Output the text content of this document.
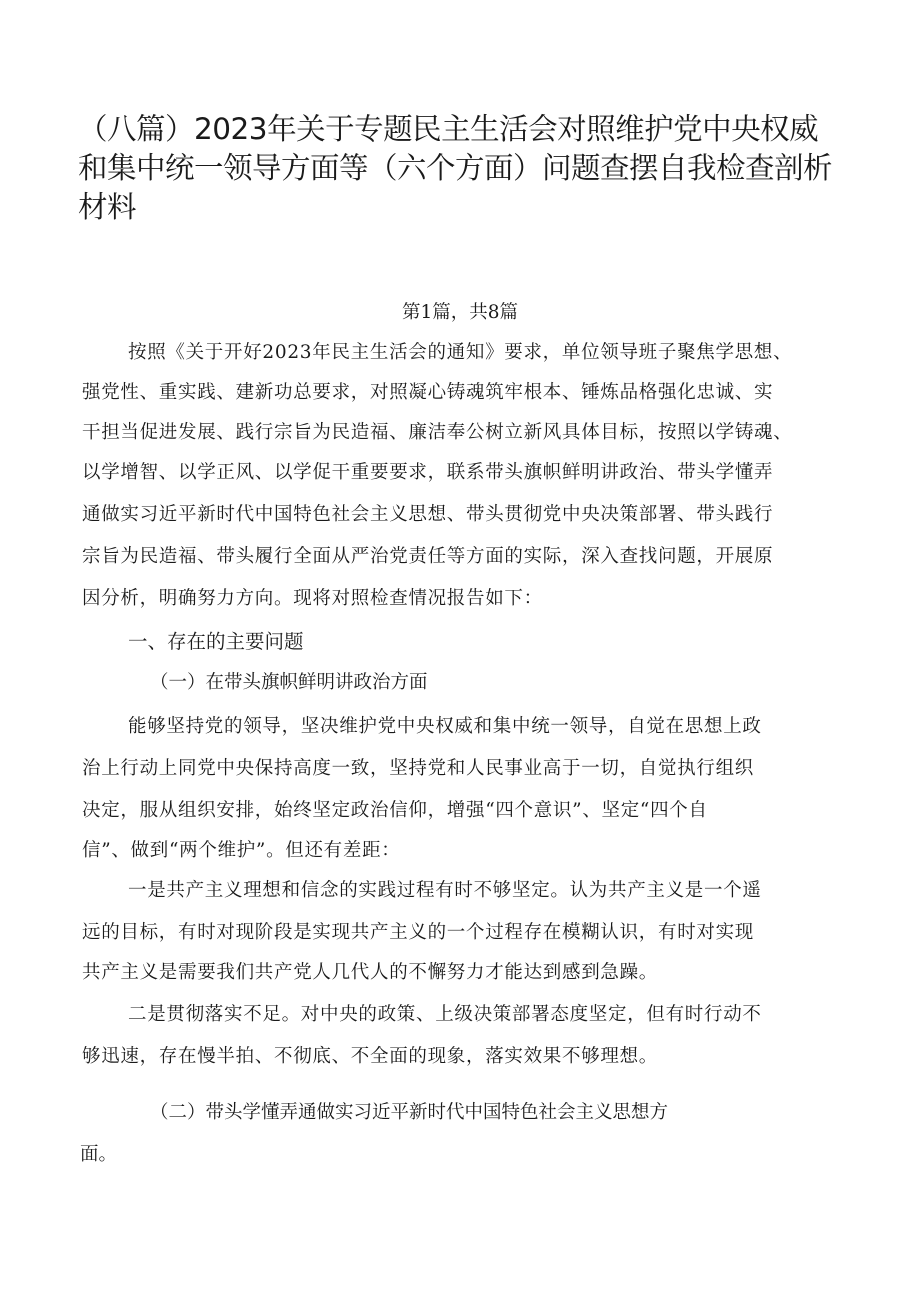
（八篇）2023年关于专题民主生活会对照维护党中央权威
和集中统一领导方面等（六个方面）问题查摆自我检查剖析
材料
第1篇，共8篇
按照《关于开好2023年民主生活会的通知》要求，单位领导班子聚焦学思想、
强党性、重实践、建新功总要求，对照凝心铸魂筑牢根本、锤炼品格强化忠诚、实
干担当促进发展、践行宗旨为民造福、廉洁奉公树立新风具体目标，按照以学铸魂、
以学增智、以学正风、以学促干重要要求，联系带头旗帜鲜明讲政治、带头学懂弄
通做实习近平新时代中国特色社会主义思想、带头贯彻党中央决策部署、带头践行
宗旨为民造福、带头履行全面从严治党责任等方面的实际，深入查找问题，开展原
因分析，明确努力方向。现将对照检查情况报告如下：
一、存在的主要问题
（一）在带头旗帜鲜明讲政治方面
能够坚持党的领导，坚决维护党中央权威和集中统一领导，自觉在思想上政
治上行动上同党中央保持高度一致，坚持党和人民事业高于一切，自觉执行组织
决定，服从组织安排，始终坚定政治信仰，增强“四个意识”、坚定“四个自
信”、做到“两个维护”。但还有差距：
一是共产主义理想和信念的实践过程有时不够坚定。认为共产主义是一个遥
远的目标，有时对现阶段是实现共产主义的一个过程存在模糊认识，有时对实现
共产主义是需要我们共产党人几代人的不懈努力才能达到感到急躁。
二是贯彻落实不足。对中央的政策、上级决策部署态度坚定，但有时行动不
够迅速，存在慢半拍、不彻底、不全面的现象，落实效果不够理想。
（二）带头学懂弄通做实习近平新时代中国特色社会主义思想方
面。
